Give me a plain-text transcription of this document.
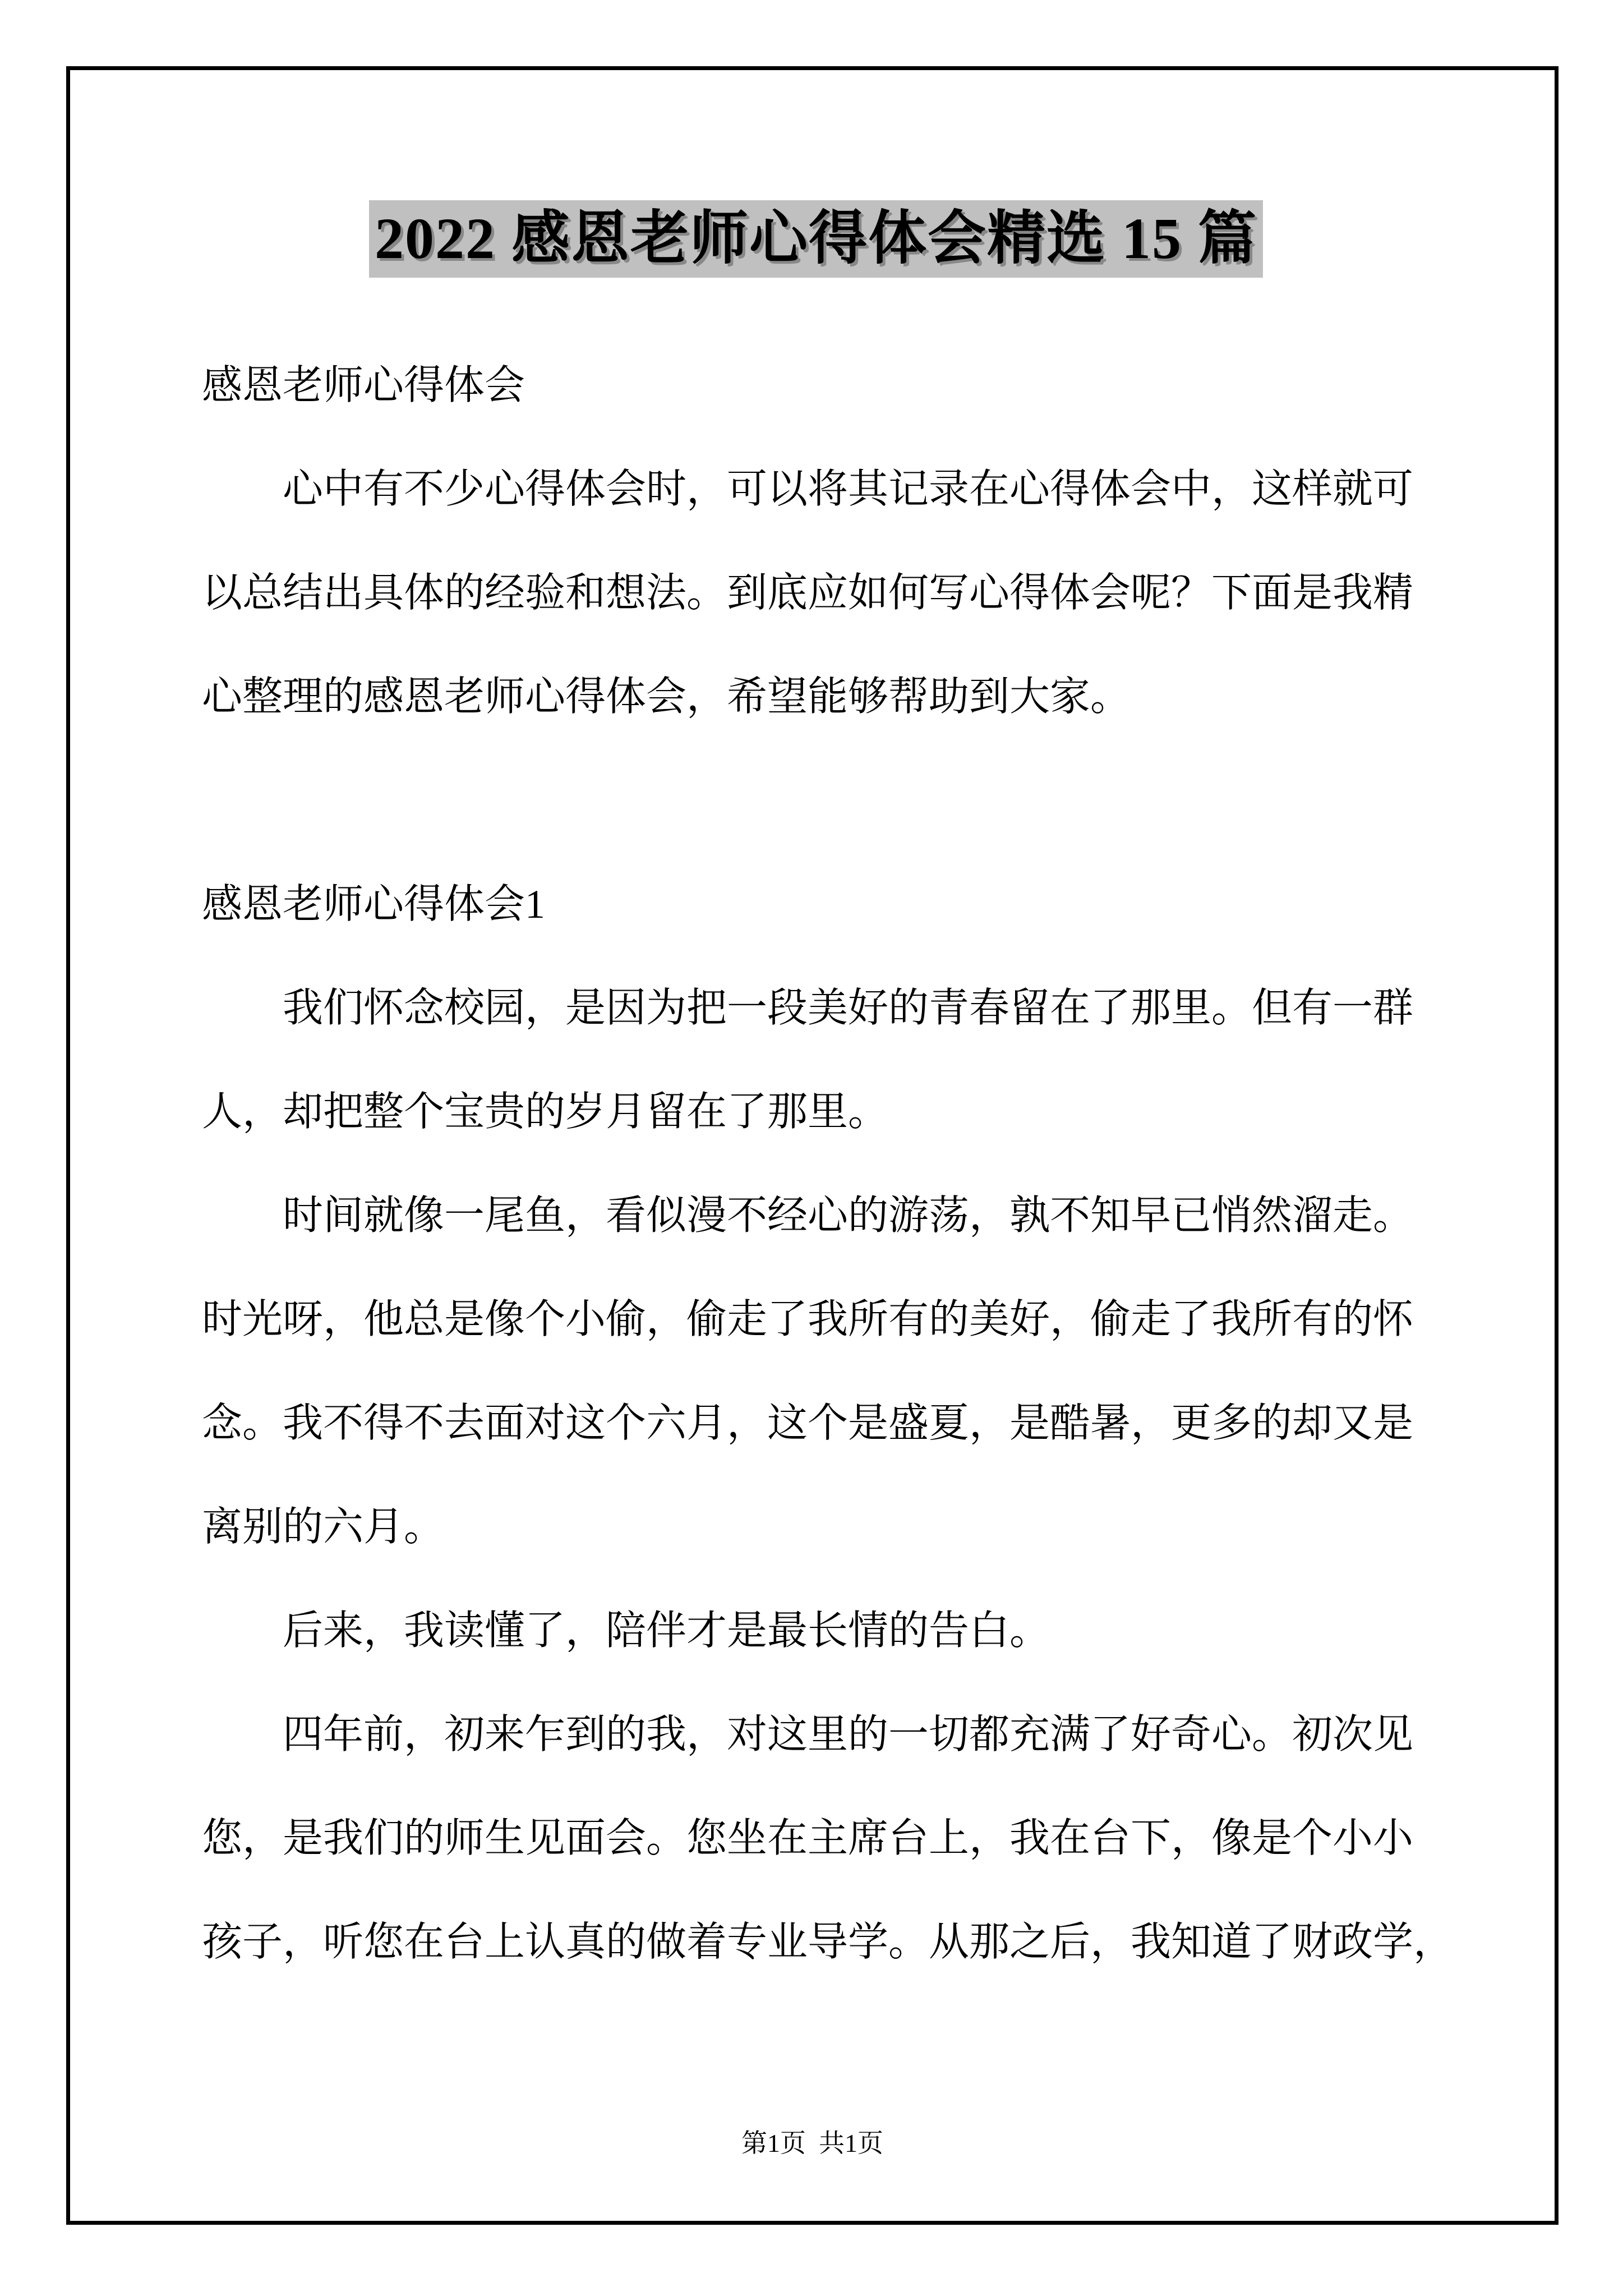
2022 感恩老师心得体会精选 15 篇
感恩老师心得体会
心中有不少心得体会时，可以将其记录在心得体会中，这样就可
以总结出具体的经验和想法。到底应如何写心得体会呢？下面是我精
心整理的感恩老师心得体会，希望能够帮助到大家。
感恩老师心得体会1
我们怀念校园，是因为把一段美好的青春留在了那里。但有一群
人，却把整个宝贵的岁月留在了那里。
时间就像一尾鱼，看似漫不经心的游荡，孰不知早已悄然溜走。
时光呀，他总是像个小偷，偷走了我所有的美好，偷走了我所有的怀
念。我不得不去面对这个六月，这个是盛夏，是酷暑，更多的却又是
离别的六月。
后来，我读懂了，陪伴才是最长情的告白。
四年前，初来乍到的我，对这里的一切都充满了好奇心。初次见
您，是我们的师生见面会。您坐在主席台上，我在台下，像是个小小
孩子，听您在台上认真的做着专业导学。从那之后，我知道了财政学，
第1页  共1页
